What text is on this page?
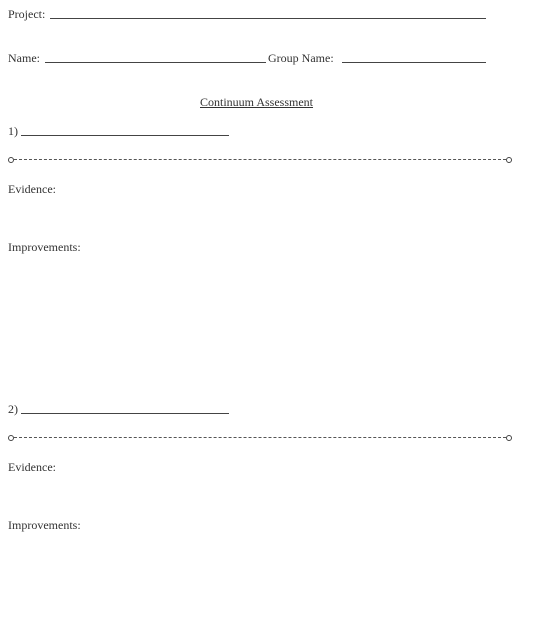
Project:
Name:	Group Name:
Continuum Assessment
1)
Evidence:
Improvements:
2)
Evidence:
Improvements:
